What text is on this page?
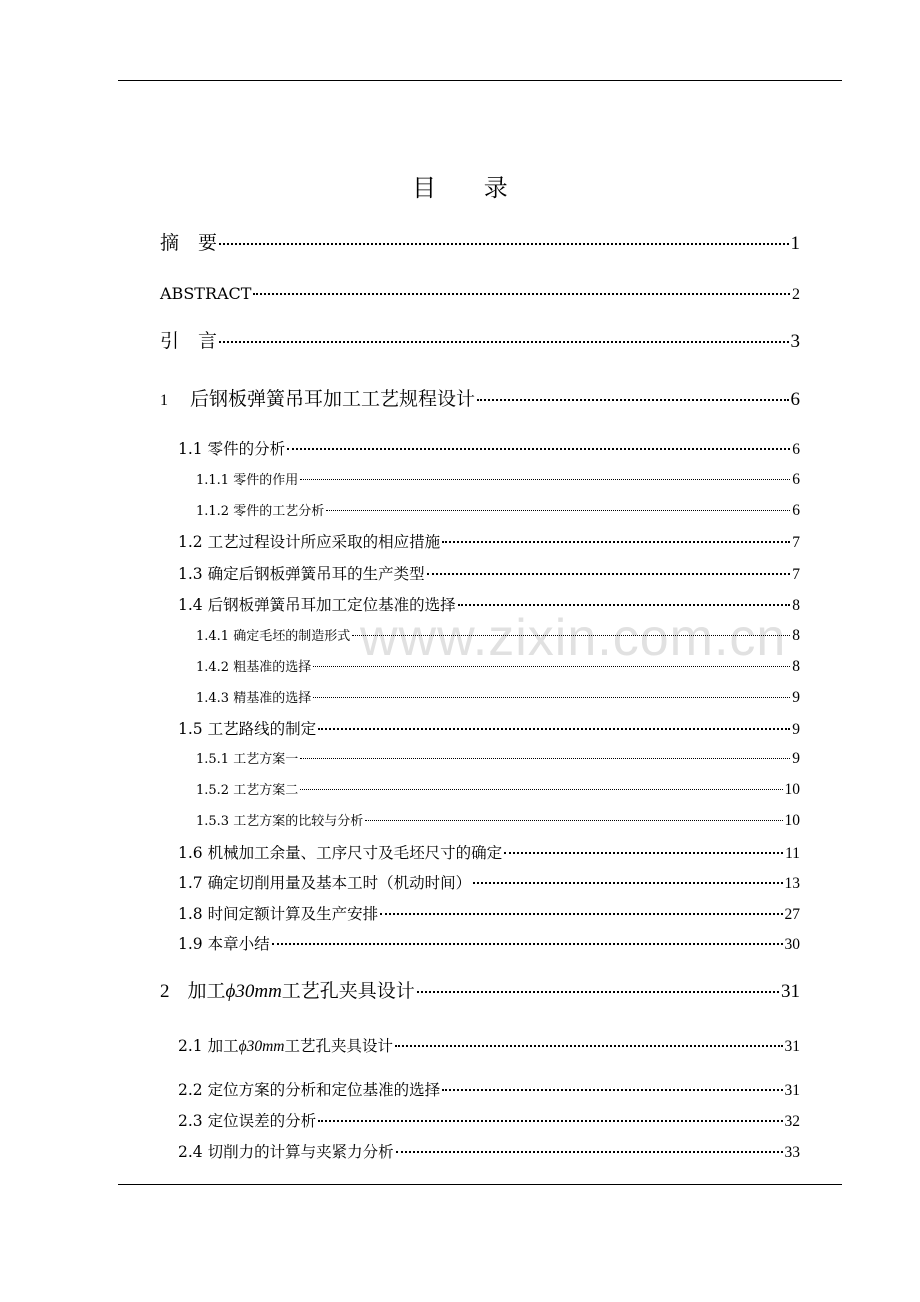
目 录
www.zixin.com.cn
摘　要	1
ABSTRACT	2
引　言	3
1 后钢板弹簧吊耳加工工艺规程设计	6
1.1 零件的分析	6
1.1.1 零件的作用	6
1.1.2 零件的工艺分析	6
1.2 工艺过程设计所应采取的相应措施	7
1.3 确定后钢板弹簧吊耳的生产类型	7
1.4 后钢板弹簧吊耳加工定位基准的选择	8
1.4.1 确定毛坯的制造形式	8
1.4.2 粗基准的选择	8
1.4.3 精基准的选择	9
1.5 工艺路线的制定	9
1.5.1 工艺方案一	9
1.5.2 工艺方案二	10
1.5.3 工艺方案的比较与分析	10
1.6 机械加工余量、工序尺寸及毛坯尺寸的确定	11
1.7 确定切削用量及基本工时（机动时间）	13
1.8 时间定额计算及生产安排	27
1.9 本章小结	30
2 加工ϕ30mm工艺孔夹具设计	31
2.1 加工ϕ30mm工艺孔夹具设计	31
2.2 定位方案的分析和定位基准的选择	31
2.3 定位误差的分析	32
2.4 切削力的计算与夹紧力分析	33
